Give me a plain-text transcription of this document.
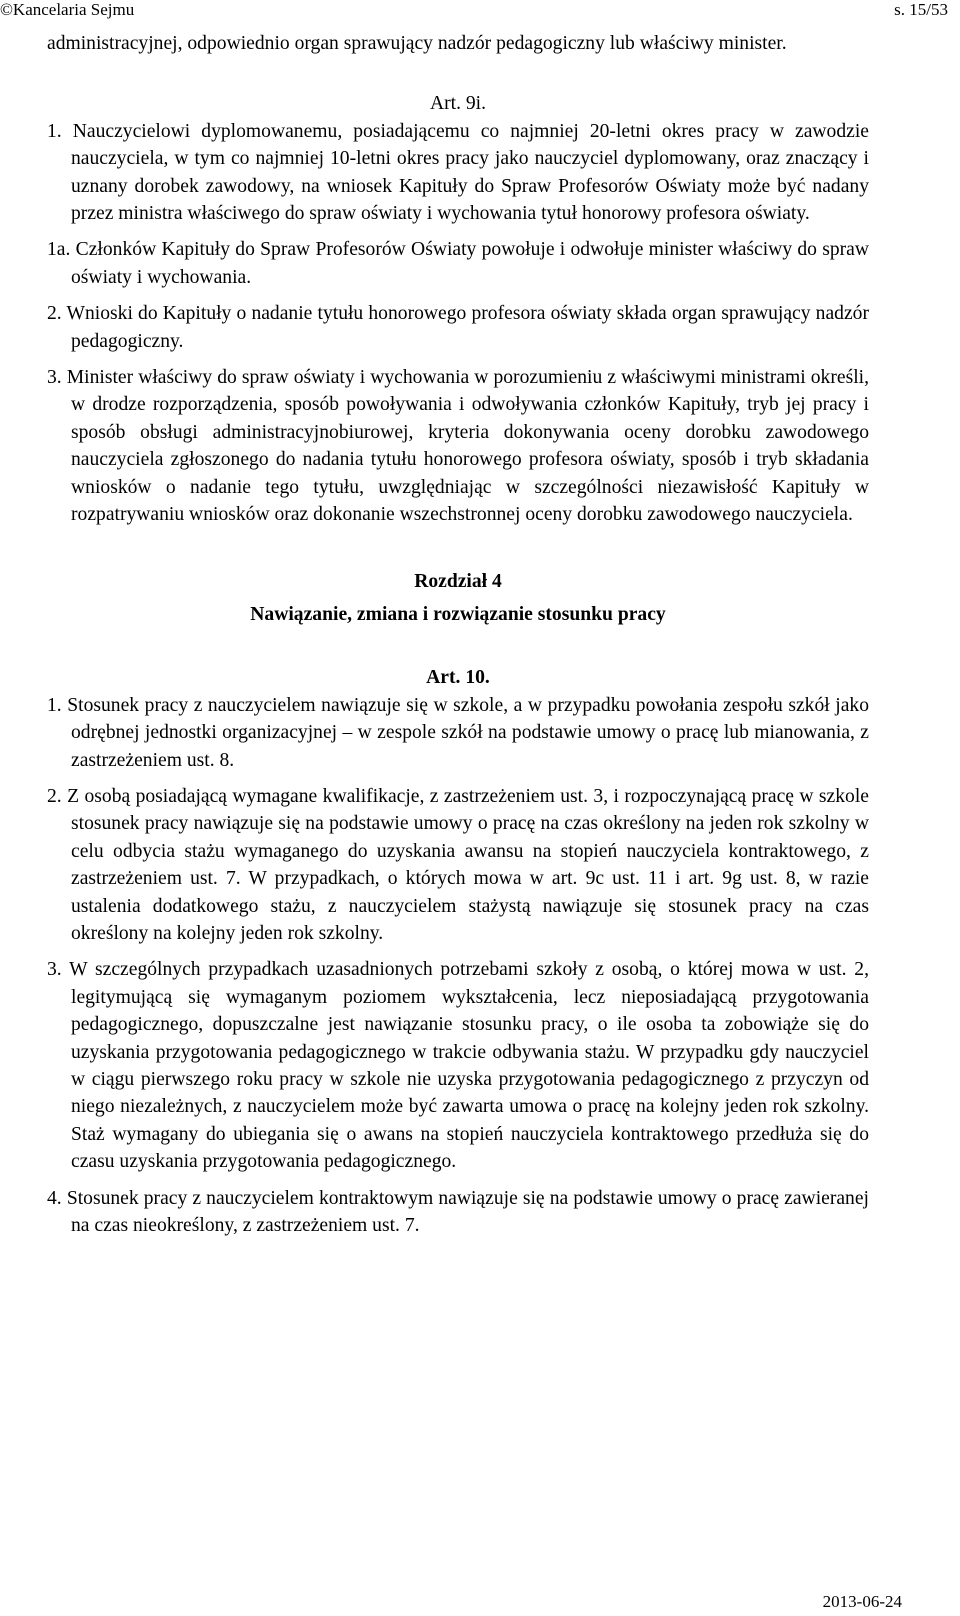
©Kancelaria Sejmu	s. 15/53

administracyjnej, odpowiednio organ sprawujący nadzór pedagogiczny lub właściwy minister.

Art. 9i.

1. Nauczycielowi dyplomowanemu, posiadającemu co najmniej 20-letni okres pracy w zawodzie nauczyciela, w tym co najmniej 10-letni okres pracy jako nauczyciel dyplomowany, oraz znaczący i uznany dorobek zawodowy, na wniosek Kapituły do Spraw Profesorów Oświaty może być nadany przez ministra właściwego do spraw oświaty i wychowania tytuł honorowy profesora oświaty.

1a. Członków Kapituły do Spraw Profesorów Oświaty powołuje i odwołuje minister właściwy do spraw oświaty i wychowania.

2. Wnioski do Kapituły o nadanie tytułu honorowego profesora oświaty składa organ sprawujący nadzór pedagogiczny.

3. Minister właściwy do spraw oświaty i wychowania w porozumieniu z właściwymi ministrami określi, w drodze rozporządzenia, sposób powoływania i odwoływania członków Kapituły, tryb jej pracy i sposób obsługi administracyjnobiurowej, kryteria dokonywania oceny dorobku zawodowego nauczyciela zgłoszonego do nadania tytułu honorowego profesora oświaty, sposób i tryb składania wniosków o nadanie tego tytułu, uwzględniając w szczególności niezawisłość Kapituły w rozpatrywaniu wniosków oraz dokonanie wszechstronnej oceny dorobku zawodowego nauczyciela.

Rozdział 4

Nawiązanie, zmiana i rozwiązanie stosunku pracy

Art. 10.

1. Stosunek pracy z nauczycielem nawiązuje się w szkole, a w przypadku powołania zespołu szkół jako odrębnej jednostki organizacyjnej – w zespole szkół na podstawie umowy o pracę lub mianowania, z zastrzeżeniem ust. 8.

2. Z osobą posiadającą wymagane kwalifikacje, z zastrzeżeniem ust. 3, i rozpoczynającą pracę w szkole stosunek pracy nawiązuje się na podstawie umowy o pracę na czas określony na jeden rok szkolny w celu odbycia stażu wymaganego do uzyskania awansu na stopień nauczyciela kontraktowego, z zastrzeżeniem ust. 7. W przypadkach, o których mowa w art. 9c ust. 11 i art. 9g ust. 8, w razie ustalenia dodatkowego stażu, z nauczycielem stażystą nawiązuje się stosunek pracy na czas określony na kolejny jeden rok szkolny.

3. W szczególnych przypadkach uzasadnionych potrzebami szkoły z osobą, o której mowa w ust. 2, legitymującą się wymaganym poziomem wykształcenia, lecz nieposiadającą przygotowania pedagogicznego, dopuszczalne jest nawiązanie stosunku pracy, o ile osoba ta zobowiąże się do uzyskania przygotowania pedagogicznego w trakcie odbywania stażu. W przypadku gdy nauczyciel w ciągu pierwszego roku pracy w szkole nie uzyska przygotowania pedagogicznego z przyczyn od niego niezależnych, z nauczycielem może być zawarta umowa o pracę na kolejny jeden rok szkolny. Staż wymagany do ubiegania się o awans na stopień nauczyciela kontraktowego przedłuża się do czasu uzyskania przygotowania pedagogicznego.

4. Stosunek pracy z nauczycielem kontraktowym nawiązuje się na podstawie umowy o pracę zawieranej na czas nieokreślony, z zastrzeżeniem ust. 7.

2013-06-24
